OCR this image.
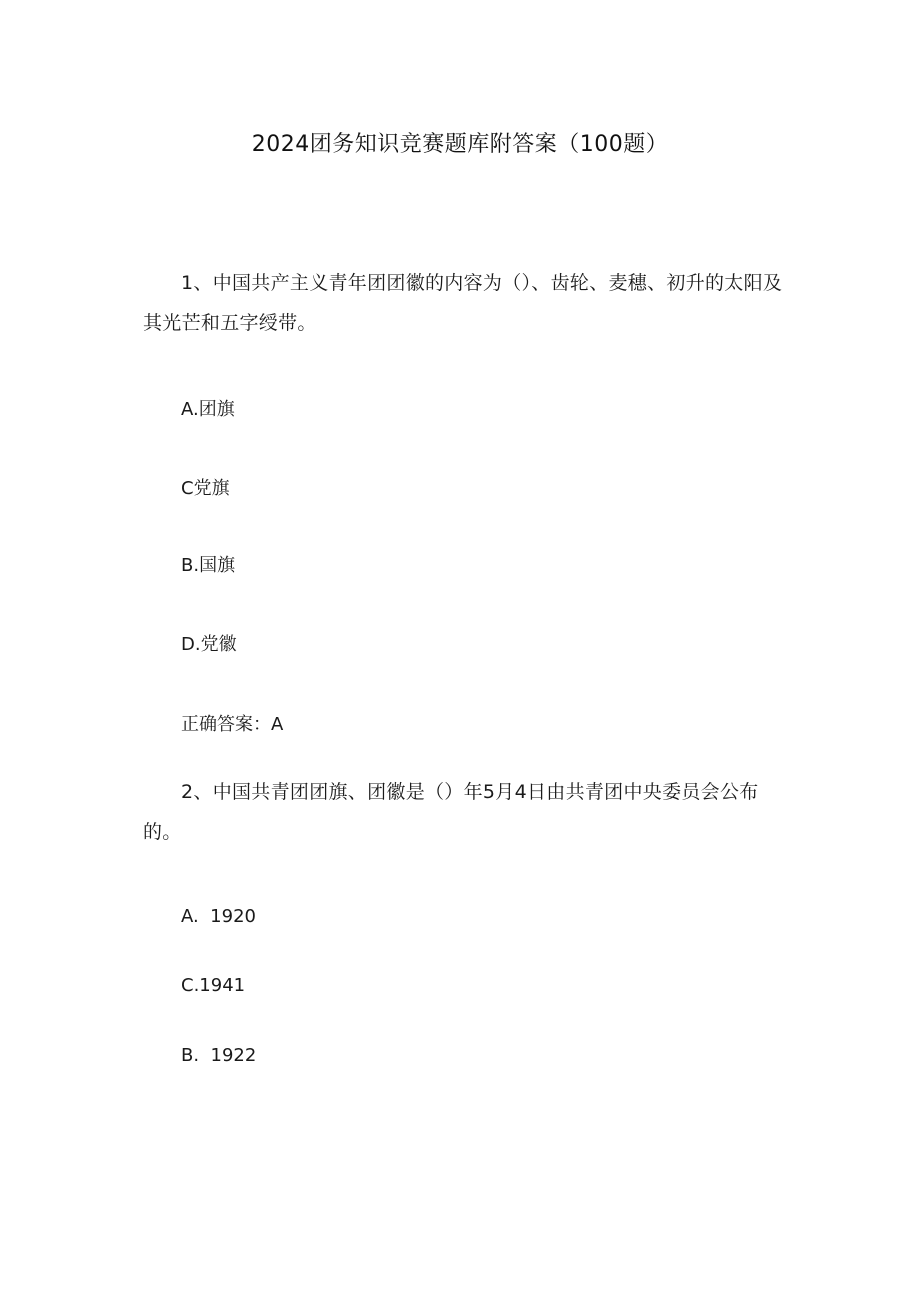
2024团务知识竞赛题库附答案（100题）
1、中国共产主义青年团团徽的内容为（）、齿轮、麦穗、初升的太阳及其光芒和五字绶带。
A.团旗
C党旗
B.国旗
D.党徽
正确答案：A
2、中国共青团团旗、团徽是（）年5月4日由共青团中央委员会公布的。
A.  1920
C.1941
B.  1922
